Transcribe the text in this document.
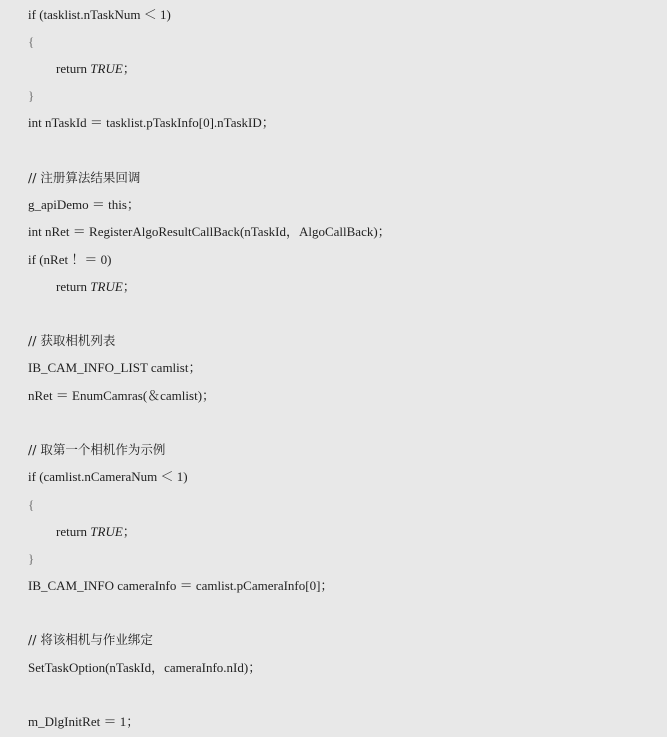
if (tasklist.nTaskNum ＜ 1)
{
return TRUE；
}
int nTaskId ＝ tasklist.pTaskInfo[0].nTaskID；
// 注册算法结果回调
g_apiDemo ＝ this；
int nRet ＝ RegisterAlgoResultCallBack(nTaskId，AlgoCallBack)；
if (nRet ！＝ 0)
return TRUE；
// 获取相机列表
IB_CAM_INFO_LIST camlist；
nRet ＝ EnumCamras(＆camlist)；
// 取第一个相机作为示例
if (camlist.nCameraNum ＜ 1)
{
return TRUE；
}
IB_CAM_INFO cameraInfo ＝ camlist.pCameraInfo[0]；
// 将该相机与作业绑定
SetTaskOption(nTaskId，cameraInfo.nId)；
m_DlgInitRet ＝ 1；
